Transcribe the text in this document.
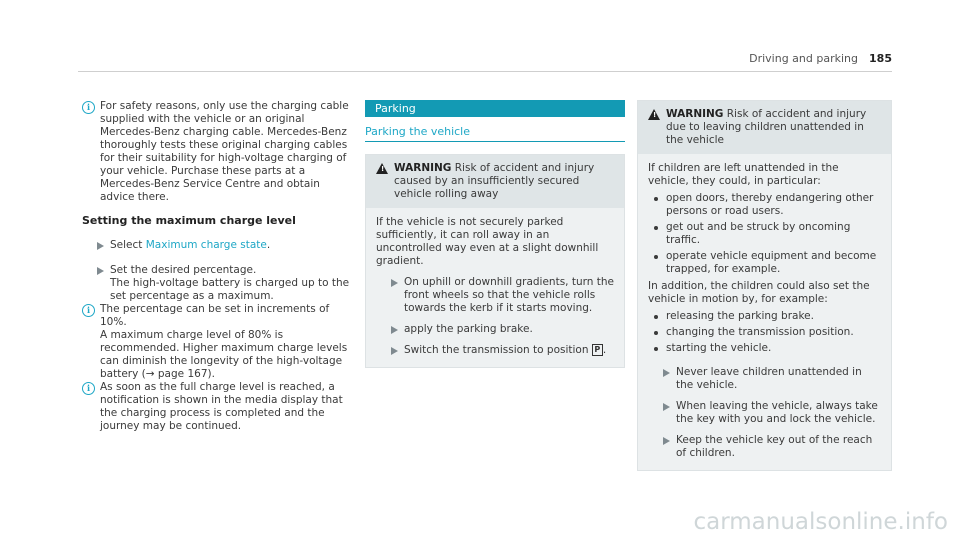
Driving and parking 185
i For safety reasons, only use the charging cable supplied with the vehicle or an original Mercedes-Benz charging cable. Mercedes-Benz thoroughly tests these original charging cables for their suitability for high-voltage charging of your vehicle. Purchase these parts at a Mercedes-Benz Service Centre and obtain advice there.

Setting the maximum charge level
Select Maximum charge state.
Set the desired percentage.
The high-voltage battery is charged up to the set percentage as a maximum.
i The percentage can be set in increments of 10%.
A maximum charge level of 80% is recommended. Higher maximum charge levels can diminish the longevity of the high-voltage battery (→ page 167).
i As soon as the full charge level is reached, a notification is shown in the media display that the charging process is completed and the journey may be continued.

Parking
Parking the vehicle
! WARNING Risk of accident and injury caused by an insufficiently secured vehicle rolling away

If the vehicle is not securely parked sufficiently, it can roll away in an uncontrolled way even at a slight downhill gradient.

On uphill or downhill gradients, turn the front wheels so that the vehicle rolls towards the kerb if it starts moving.
apply the parking brake.
Switch the transmission to position P .
! WARNING Risk of accident and injury due to leaving children unattended in the vehicle

If children are left unattended in the vehicle, they could, in particular:

open doors, thereby endangering other persons or road users.
get out and be struck by oncoming traffic.
operate vehicle equipment and become trapped, for example.

In addition, the children could also set the vehicle in motion by, for example:

releasing the parking brake.
changing the transmission position.
starting the vehicle.
Never leave children unattended in the vehicle.
When leaving the vehicle, always take the key with you and lock the vehicle.
Keep the vehicle key out of the reach of children.
carmanualsonline.info
